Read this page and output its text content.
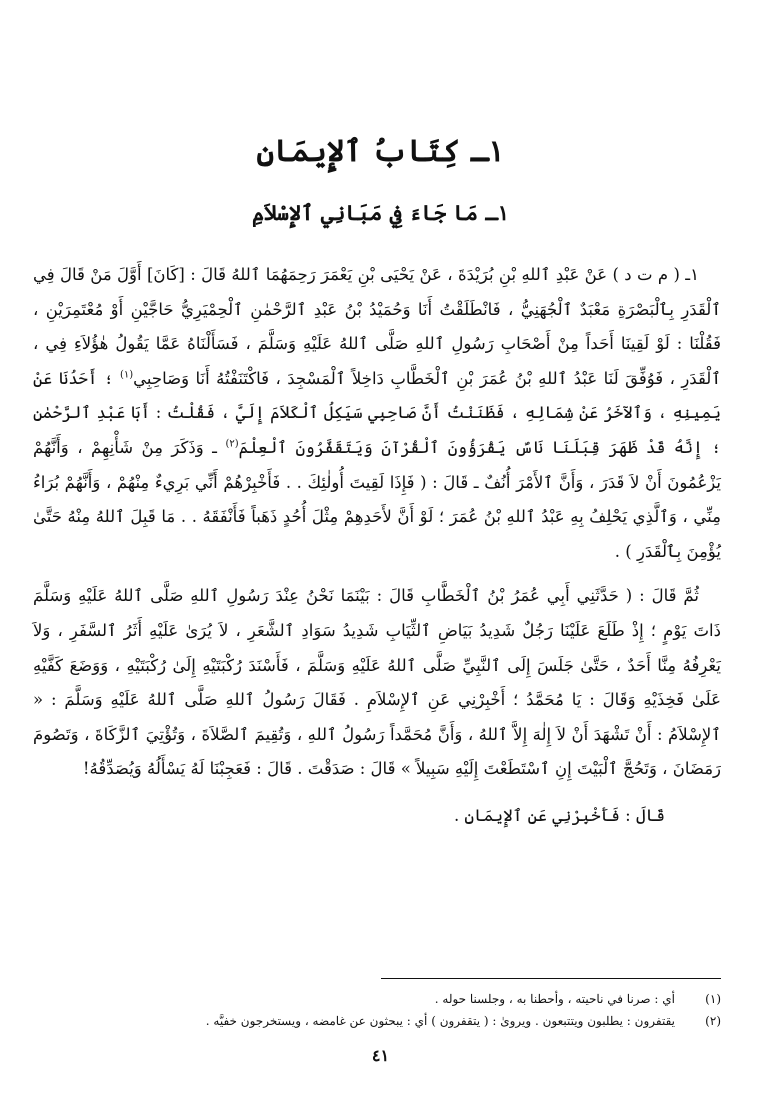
١ـ كِتَابُ ٱلإِيمَانِ
١ـ مَا جَاءَ فِي مَبَانِي ٱلإِسْلاَمِ

١ـ ( م ت د ) عَنْ عَبْدِ ٱللهِ بْنِ بُرَيْدَةَ ، عَنْ يَحْيَى بْنِ يَعْمَرَ رَحِمَهُمَا ٱللهُ قَالَ : [كَانَ] أَوَّلَ مَنْ قَالَ فِي ٱلْقَدَرِ بِٱلْبَصْرَةِ مَعْبَدٌ ٱلْجُهَنِيُّ ، فَانْطَلَقْتُ أَنَا وَحُمَيْدُ بْنُ عَبْدِ ٱلرَّحْمٰنِ ٱلْحِمْيَرِيُّ حَاجَّيْنِ أَوْ مُعْتَمِرَيْنِ ، فَقُلْنَا : لَوْ لَقِينَا أَحَداً مِنْ أَصْحَابِ رَسُولِ ٱللهِ صَلَّى ٱللهُ عَلَيْهِ وَسَلَّمَ ، فَسَأَلْنَاهُ عَمَّا يَقُولُ هٰؤُلاَءِ فِي ، ٱلْقَدَرِ ، فَوُفِّقَ لَنَا عَبْدُ ٱللهِ بْنُ عُمَرَ بْنِ ٱلْخَطَّابِ دَاخِلاً ٱلْمَسْجِدَ ، فَاكْتَنَفْتُهُ أَنَا وَصَاحِبِي$^{(١)}$ ؛ أَحَدُنَا عَنْ يَمِينِهِ ، وَٱلآخَرُ عَنْ شِمَالِهِ ، فَظَنَنْتُ أَنَّ صَاحِبِي سَيَكِلُ ٱلْكَلاَمَ إِلَيَّ ، فَقُلْتُ : أَبَا عَبْدِ ٱلرَّحْمٰنِ ؛ إِنَّهُ قَدْ ظَهَرَ قِبَلَنَا نَاسٌ يَقْرَؤُونَ ٱلْقُرْآنَ وَيَتَقَفَّرُونَ ٱلْعِلْمَ$^{(٢)}$ ـ وَذَكَرَ مِنْ شَأْنِهِمْ ، وَأَنَّهُمْ يَزْعُمُونَ أَنْ لاَ قَدَرَ ، وَأَنَّ ٱلأَمْرَ أُنُفٌ ـ قَالَ : ( فَإِذَا لَقِيتَ أُولٰئِكَ . . فَأَخْبِرْهُمْ أَنِّي بَرِيءٌ مِنْهُمْ ، وَأَنَّهُمْ بُرَاءُ مِنِّي ، وَٱلَّذِي يَحْلِفُ بِهِ عَبْدُ ٱللهِ بْنُ عُمَرَ ؛ لَوْ أَنَّ لأَحَدِهِمْ مِثْلَ أُحُدٍ ذَهَباً فَأَنْفَقَهُ . . مَا قَبِلَ ٱللهُ مِنْهُ حَتَّىٰ يُؤْمِنَ بِٱلْقَدَرِ ) .

ثُمَّ قَالَ : ( حَدَّثَنِي أَبِي عُمَرُ بْنُ ٱلْخَطَّابِ قَالَ : بَيْنَمَا نَحْنُ عِنْدَ رَسُولِ ٱللهِ صَلَّى ٱللهُ عَلَيْهِ وَسَلَّمَ ذَاتَ يَوْمٍ ؛ إِذْ طَلَعَ عَلَيْنَا رَجُلٌ شَدِيدُ بَيَاضِ ٱلثِّيَابِ شَدِيدُ سَوَادِ ٱلشَّعَرِ ، لاَ يُرَىٰ عَلَيْهِ أَثَرُ ٱلسَّفَرِ ، وَلاَ يَعْرِفُهُ مِنَّا أَحَدٌ ، حَتَّىٰ جَلَسَ إِلَى ٱلنَّبِيِّ صَلَّى ٱللهُ عَلَيْهِ وَسَلَّمَ ، فَأَسْنَدَ رُكْبَتَيْهِ إِلَىٰ رُكْبَتَيْهِ ، وَوَضَعَ كَفَّيْهِ عَلَىٰ فَخِذَيْهِ وَقَالَ : يَا مُحَمَّدُ ؛ أَخْبِرْنِي عَنِ ٱلإِسْلاَمِ . فَقَالَ رَسُولُ ٱللهِ صَلَّى ٱللهُ عَلَيْهِ وَسَلَّمَ : « ٱلإِسْلاَمُ : أَنْ تَشْهَدَ أَنْ لاَ إِلٰهَ إِلاَّ ٱللهُ ، وَأَنَّ مُحَمَّداً رَسُولُ ٱللهِ ، وَتُقِيمَ ٱلصَّلاَةَ ، وَتُؤْتِيَ ٱلزَّكَاةَ ، وَتَصُومَ رَمَضَانَ ، وَتَحُجَّ ٱلْبَيْتَ إِنِ ٱسْتَطَعْتَ إِلَيْهِ سَبِيلاً » قَالَ : صَدَقْتَ . قَالَ : فَعَجِبْنَا لَهُ يَسْأَلُهُ وَيُصَدِّقُهُ!

قَالَ : فَأَخْبِرْنِي عَنِ ٱلإِيمَانِ .

(١)
أي : صرنا في ناحيته ، وأحطنا به ، وجلسنا حوله .
(٢)
يقتفرون : يطلبون ويتتبعون . ويروىٰ : ( يتقفرون ) أي : يبحثون عن غامضه ، ويستخرجون خفيَّه .
٤١
